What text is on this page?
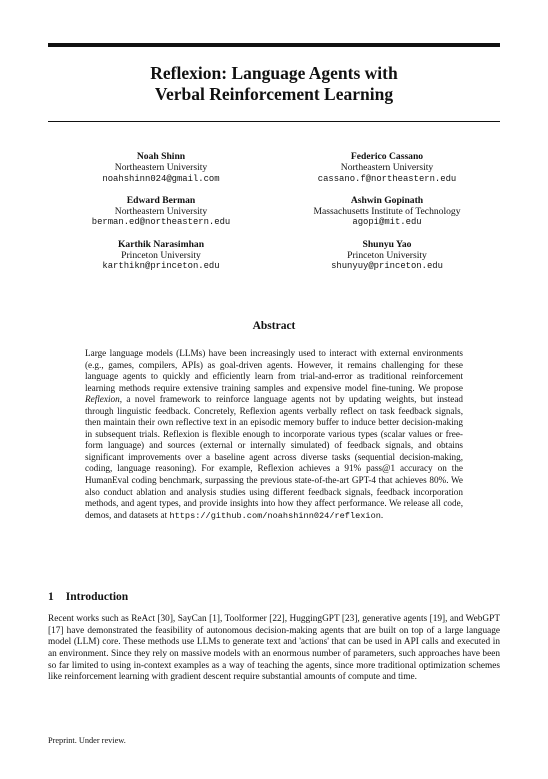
Reflexion: Language Agents with
Verbal Reinforcement Learning
Noah Shinn
Northeastern University
noahshinn024@gmail.com
Federico Cassano
Northeastern University
cassano.f@northeastern.edu
Edward Berman
Northeastern University
berman.ed@northeastern.edu
Ashwin Gopinath
Massachusetts Institute of Technology
agopi@mit.edu
Karthik Narasimhan
Princeton University
karthikn@princeton.edu
Shunyu Yao
Princeton University
shunyuy@princeton.edu
Abstract
Large language models (LLMs) have been increasingly used to interact with external environments (e.g., games, compilers, APIs) as goal-driven agents. However, it remains challenging for these language agents to quickly and efficiently learn from trial-and-error as traditional reinforcement learning methods require extensive training samples and expensive model fine-tuning. We propose Reflexion, a novel framework to reinforce language agents not by updating weights, but instead through linguistic feedback. Concretely, Reflexion agents verbally reflect on task feedback signals, then maintain their own reflective text in an episodic memory buffer to induce better decision-making in subsequent trials. Reflexion is flexible enough to incorporate various types (scalar values or free-form language) and sources (external or internally simulated) of feedback signals, and obtains significant improvements over a baseline agent across diverse tasks (sequential decision-making, coding, language reasoning). For example, Reflexion achieves a 91% pass@1 accuracy on the HumanEval coding benchmark, surpassing the previous state-of-the-art GPT-4 that achieves 80%. We also conduct ablation and analysis studies using different feedback signals, feedback incorporation methods, and agent types, and provide insights into how they affect performance. We release all code, demos, and datasets at https://github.com/noahshinn024/reflexion.
1 Introduction
Recent works such as ReAct [30], SayCan [1], Toolformer [22], HuggingGPT [23], generative agents [19], and WebGPT [17] have demonstrated the feasibility of autonomous decision-making agents that are built on top of a large language model (LLM) core. These methods use LLMs to generate text and 'actions' that can be used in API calls and executed in an environment. Since they rely on massive models with an enormous number of parameters, such approaches have been so far limited to using in-context examples as a way of teaching the agents, since more traditional optimization schemes like reinforcement learning with gradient descent require substantial amounts of compute and time.
Preprint. Under review.
